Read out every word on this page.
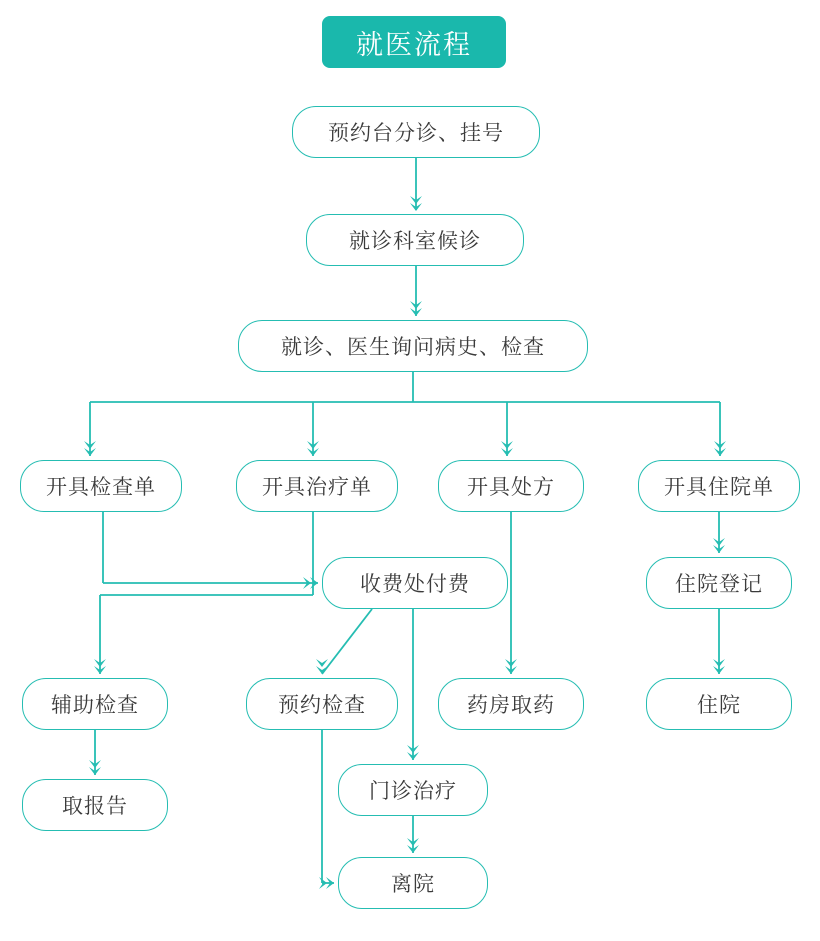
就医流程
预约台分诊、挂号
就诊科室候诊
就诊、医生询问病史、检查
开具检查单	开具治疗单	开具处方	开具住院单
收费处付费	住院登记
辅助检查	预约检查	药房取药	住院
取报告
门诊治疗
离院
